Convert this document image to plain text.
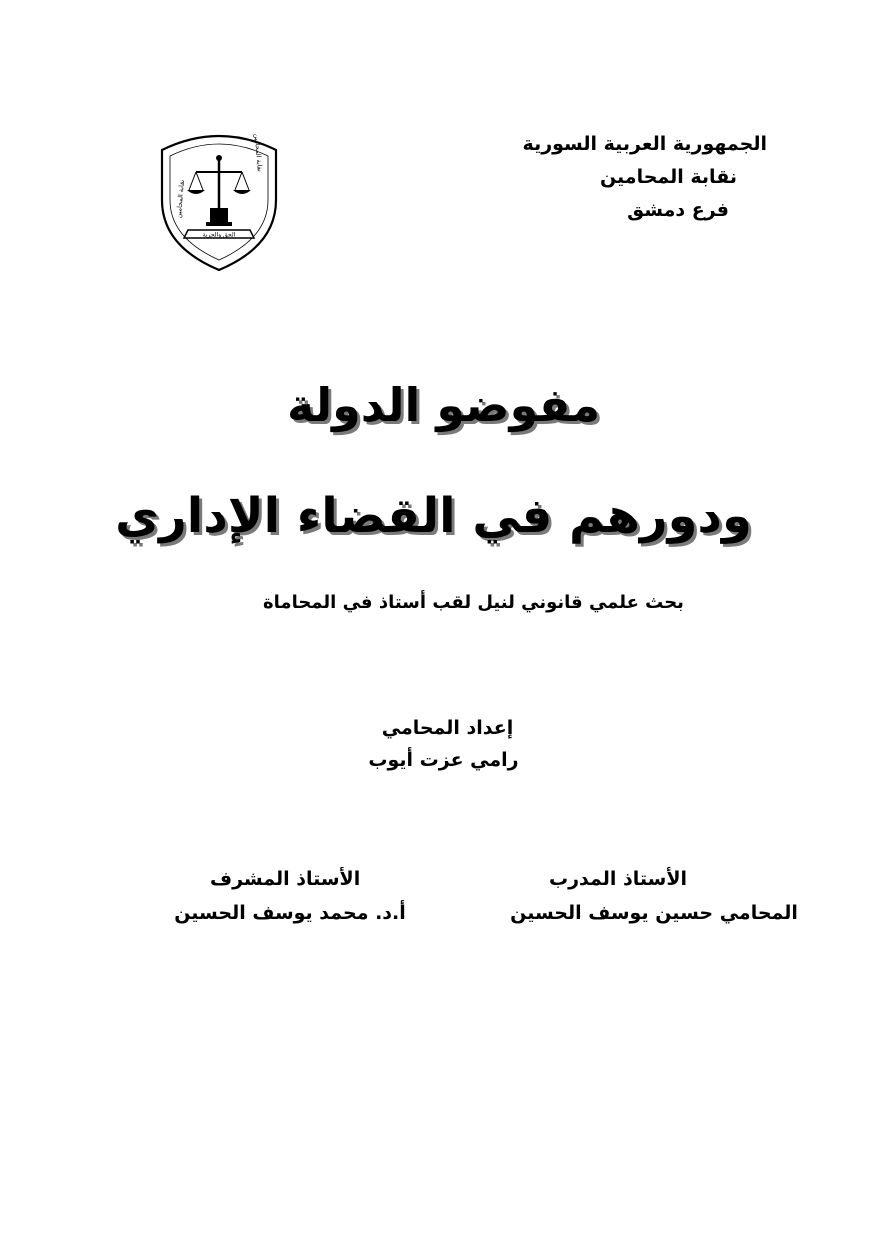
الجمهورية العربية السورية
نقابة المحامين
فرع دمشق
الحق والحرية
نقابة المحامين
نقابة المحامين
مفوضو الدولة
ودورهم في القضاء الإداري
بحث علمي قانوني لنيل لقب أستاذ في المحاماة
إعداد المحامي
رامي عزت أيوب
الأستاذ المدرب
المحامي حسين يوسف الحسين
الأستاذ المشرف
أ.د. محمد يوسف الحسين
